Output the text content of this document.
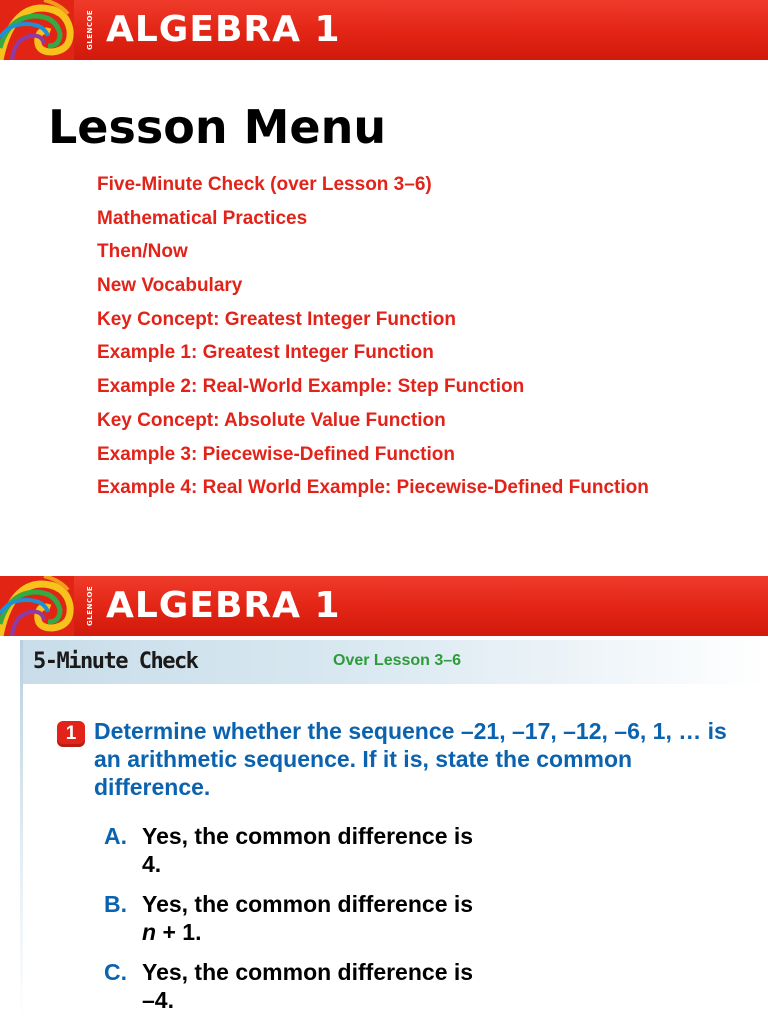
GLENCOE ALGEBRA 1
Lesson Menu
Five-Minute Check (over Lesson 3–6)
Mathematical Practices
Then/Now
New Vocabulary
Key Concept: Greatest Integer Function
Example 1: Greatest Integer Function
Example 2: Real-World Example: Step Function
Key Concept: Absolute Value Function
Example 3: Piecewise-Defined Function
Example 4: Real World Example: Piecewise-Defined Function
GLENCOE ALGEBRA 1
5-Minute Check	Over Lesson 3–6
1 Determine whether the sequence –21, –17, –12, –6, 1, … is an arithmetic sequence. If it is, state the common difference.
A. Yes, the common difference is
4.
B. Yes, the common difference is
n + 1.
C. Yes, the common difference is
–4.
